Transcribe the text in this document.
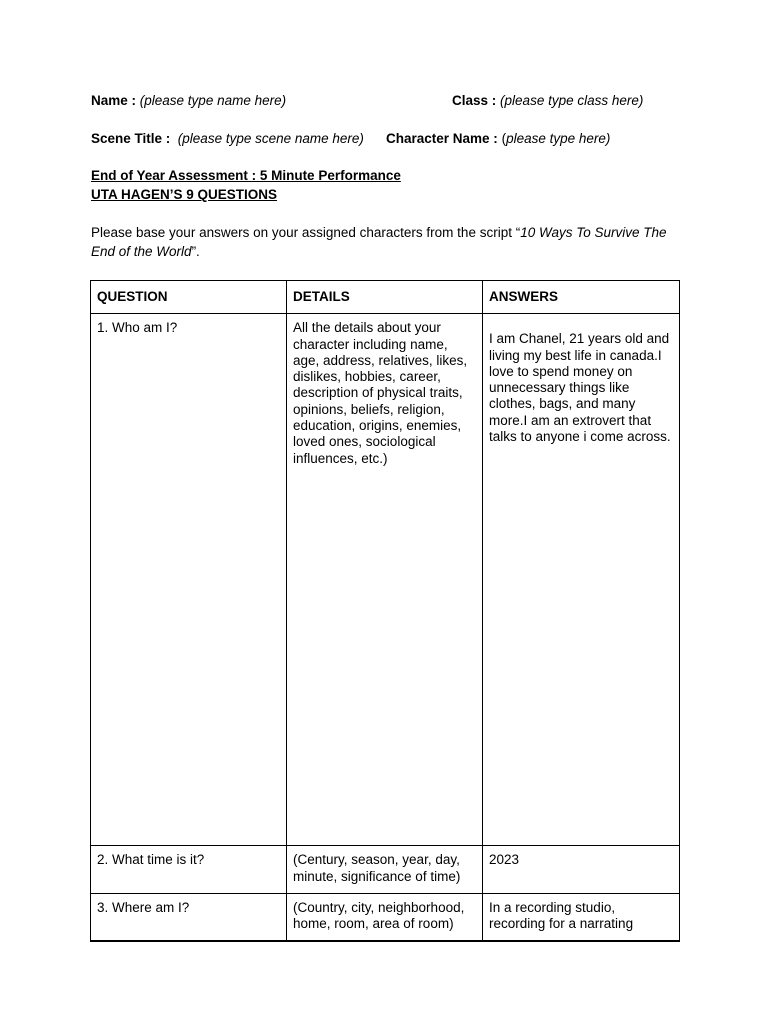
Name : (please type name here)	Class : (please type class here)
Scene Title : (please type scene name here) Character Name : (please type here)
End of Year Assessment : 5 Minute Performance
UTA HAGEN’S 9 QUESTIONS
Please base your answers on your assigned characters from the script “10 Ways To Survive The End of the World”.
QUESTION	DETAILS	ANSWERS
1. Who am I?	All the details about your character including name, age, address, relatives, likes, dislikes, hobbies, career, description of physical traits, opinions, beliefs, religion, education, origins, enemies, loved ones, sociological influences, etc.)	I am Chanel, 21 years old and living my best life in canada.I love to spend money on unnecessary things like clothes, bags, and many more.I am an extrovert that talks to anyone i come across.
2. What time is it?	(Century, season, year, day, minute, significance of time)	2023
3. Where am I?	(Country, city, neighborhood, home, room, area of room)	In a recording studio, recording for a narrating
